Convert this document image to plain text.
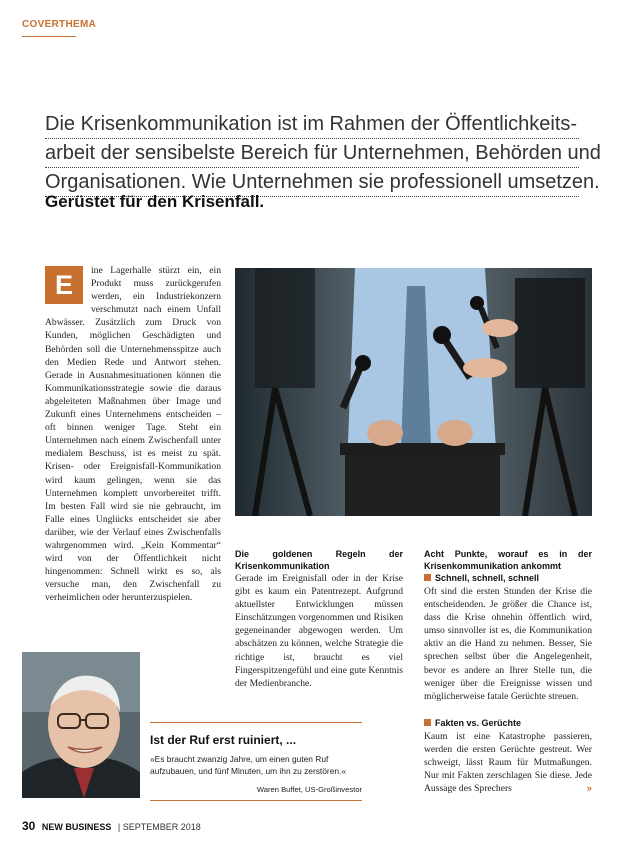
COVERTHEMA
Die Krisenkommunikation ist im Rahmen der Öffentlichkeits-
arbeit der sensibelste Bereich für Unternehmen, Behörden und
Organisationen. Wie Unternehmen sie professionell umsetzen.
Gerüstet für den Krisenfall.

E	ine Lagerhalle stürzt ein, ein Produkt muss zurückgerufen werden, ein Industriekonzern verschmutzt nach einem Unfall Abwässer. Zusätzlich zum Druck von Kunden, möglichen Geschädigten und Behörden soll die Unternehmensspitze auch den Medien Rede und Antwort stehen. Gerade in Ausnahmesituationen können die Kommunikationsstrategie sowie die daraus abgeleiteten Maßnahmen über Image und Zukunft eines Unternehmens entscheiden – oft binnen weniger Tage. Steht ein Unternehmen nach einem Zwischenfall unter medialem Beschuss, ist es meist zu spät. Krisen- oder Ereignisfall-Kommunikation wird kaum gelingen, wenn sie das Unternehmen komplett unvorbereitet trifft. Im besten Fall wird sie nie gebraucht, im Falle eines Unglücks entscheidet sie aber darüber, wie der Verlauf eines Zwischenfalls wahrgenommen wird. „Kein Kommentar“ wird von der Öffentlichkeit nicht hingenommen: Schnell wirkt es so, als versuche man, den Zwischenfall zu verheimlichen oder herunterzuspielen.

Die goldenen Regeln der Krisenkommunikation

Gerade im Ereignisfall oder in der Krise gibt es kaum ein Patentrezept. Aufgrund aktuellster Entwicklungen müssen Einschätzungen vorgenommen und Risiken gegeneinander abgewogen werden. Um abschätzen zu können, welche Strategie die richtige ist, braucht es viel Fingerspitzengefühl und eine gute Kenntnis der Medienbranche.

Acht Punkte, worauf es in der Krisenkommunikation ankommt
Schnell, schnell, schnell

Oft sind die ersten Stunden der Krise die entscheidenden. Je größer die Chance ist, dass die Krise ohnehin öffentlich wird, umso sinnvoller ist es, die Kommunikation aktiv an die Hand zu nehmen. Besser, Sie sprechen selbst über die Angelegenheit, bevor es andere an Ihrer Stelle tun, die weniger über die Ereignisse wissen und möglicherweise fatale Gerüchte streuen.

Fakten vs. Gerüchte

Kaum ist eine Katastrophe passieren, werden die ersten Gerüchte gestreut. Wer schweigt, lässt Raum für Mutmaßungen. Nur mit Fakten zerschlagen Sie diese. Jede Aussage des Sprechers	»

Ist der Ruf erst ruiniert, ...
»Es braucht zwanzig Jahre, um einen guten Ruf aufzubauen, und fünf Minuten, um ihn zu zerstören.«
Waren Buffet, US-Großinvestor
30 NEW BUSINESS | SEPTEMBER 2018
